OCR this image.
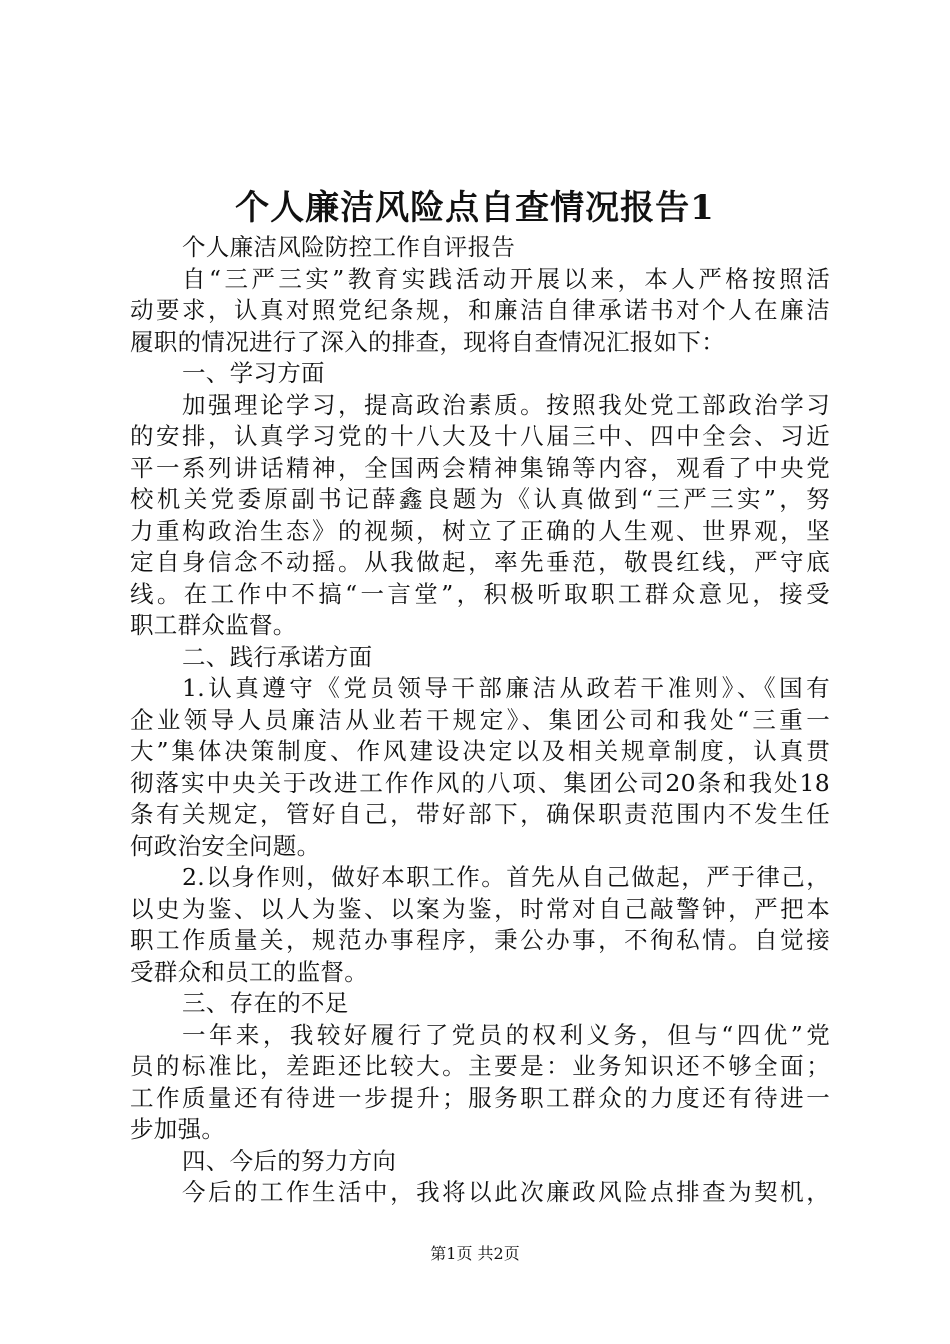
个人廉洁风险点自查情况报告1
个人廉洁风险防控工作自评报告
自“三严三实”教育实践活动开展以来，本人严格按照活
动要求，认真对照党纪条规，和廉洁自律承诺书对个人在廉洁
履职的情况进行了深入的排查，现将自查情况汇报如下：
一、学习方面
加强理论学习，提高政治素质。按照我处党工部政治学习
的安排，认真学习党的十八大及十八届三中、四中全会、习近
平一系列讲话精神，全国两会精神集锦等内容，观看了中央党
校机关党委原副书记薛鑫良题为《认真做到“三严三实”，努
力重构政治生态》的视频，树立了正确的人生观、世界观，坚
定自身信念不动摇。从我做起，率先垂范，敬畏红线，严守底
线。在工作中不搞“一言堂”，积极听取职工群众意见，接受
职工群众监督。
二、践行承诺方面
1.认真遵守《党员领导干部廉洁从政若干准则》、《国有
企业领导人员廉洁从业若干规定》、集团公司和我处“三重一
大”集体决策制度、作风建设决定以及相关规章制度，认真贯
彻落实中央关于改进工作作风的八项、集团公司20条和我处18
条有关规定，管好自己，带好部下，确保职责范围内不发生任
何政治安全问题。
2.以身作则，做好本职工作。首先从自己做起，严于律己，
以史为鉴、以人为鉴、以案为鉴，时常对自己敲警钟，严把本
职工作质量关，规范办事程序，秉公办事，不徇私情。自觉接
受群众和员工的监督。
三、存在的不足
一年来，我较好履行了党员的权利义务，但与“四优”党
员的标准比，差距还比较大。主要是：业务知识还不够全面；
工作质量还有待进一步提升；服务职工群众的力度还有待进一
步加强。
四、今后的努力方向
今后的工作生活中，我将以此次廉政风险点排查为契机，
第1页 共2页
